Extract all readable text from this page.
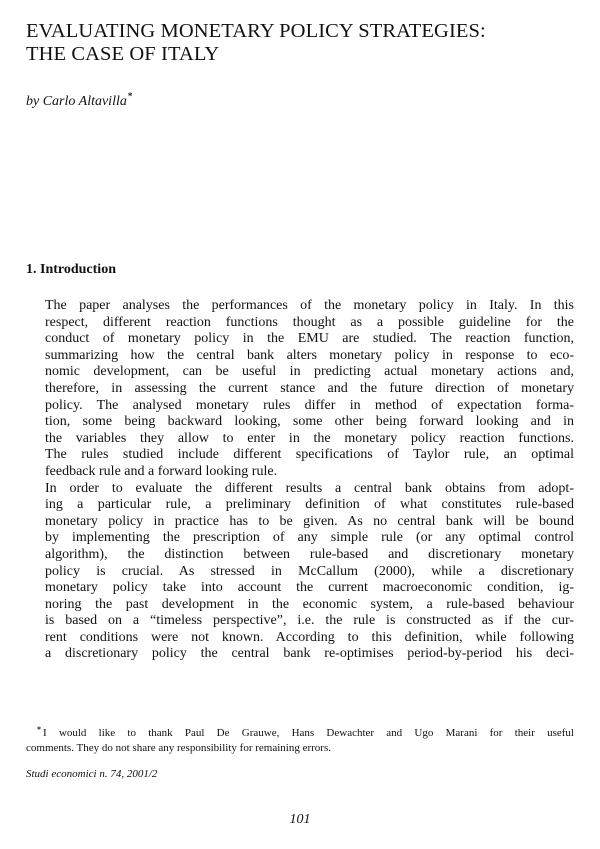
EVALUATING MONETARY POLICY STRATEGIES:
THE CASE OF ITALY
by Carlo Altavilla*
1. Introduction

The paper analyses the performances of the monetary policy in Italy. In this
respect, different reaction functions thought as a possible guideline for the
conduct of monetary policy in the EMU are studied. The reaction function,
summarizing how the central bank alters monetary policy in response to eco-
nomic development, can be useful in predicting actual monetary actions and,
therefore, in assessing the current stance and the future direction of monetary
policy. The analysed monetary rules differ in method of expectation forma-
tion, some being backward looking, some other being forward looking and in
the variables they allow to enter in the monetary policy reaction functions.
The rules studied include different specifications of Taylor rule, an optimal
feedback rule and a forward looking rule.

In order to evaluate the different results a central bank obtains from adopt-
ing a particular rule, a preliminary definition of what constitutes rule-based
monetary policy in practice has to be given. As no central bank will be bound
by implementing the prescription of any simple rule (or any optimal control
algorithm), the distinction between rule-based and discretionary monetary
policy is crucial. As stressed in McCallum (2000), while a discretionary
monetary policy take into account the current macroeconomic condition, ig-
noring the past development in the economic system, a rule-based behaviour
is based on a “timeless perspective”, i.e. the rule is constructed as if the cur-
rent conditions were not known. According to this definition, while following
a discretionary policy the central bank re-optimises period-by-period his deci-

* I would like to thank Paul De Grauwe, Hans Dewachter and Ugo Marani for their useful
comments. They do not share any responsibility for remaining errors.
Studi economici n. 74, 2001/2
101
